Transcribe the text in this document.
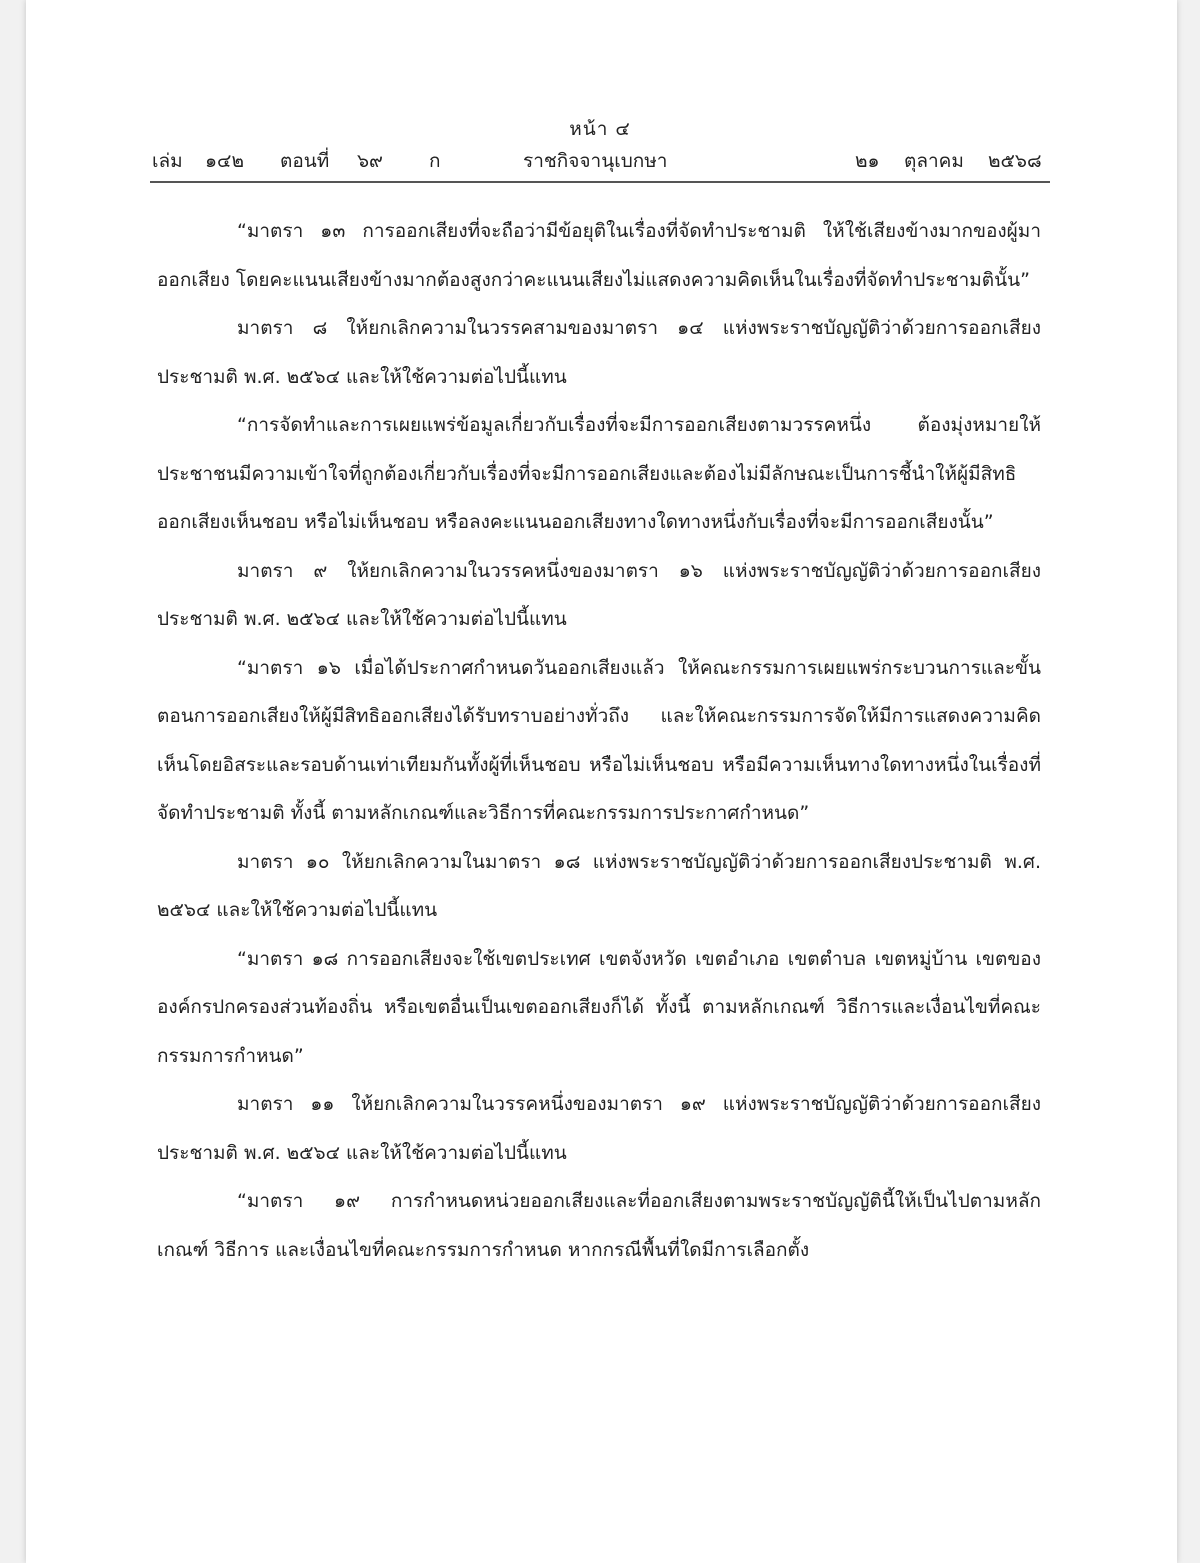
หน้า ๔
เล่ม ๑๔๒ ตอนที่ ๖๙ ก	ราชกิจจานุเบกษา	๒๑ ตุลาคม ๒๕๖๘

“มาตรา ๑๓ การออกเสียงที่จะถือว่ามีข้อยุติในเรื่องที่จัดทำประชามติ ให้ใช้เสียงข้างมากของผู้มาออกเสียง โดยคะแนนเสียงข้างมากต้องสูงกว่าคะแนนเสียงไม่แสดงความคิดเห็นในเรื่องที่จัดทำประชามตินั้น”

มาตรา ๘ ให้ยกเลิกความในวรรคสามของมาตรา ๑๔ แห่งพระราชบัญญัติว่าด้วยการออกเสียงประชามติ พ.ศ. ๒๕๖๔ และให้ใช้ความต่อไปนี้แทน

“การจัดทำและการเผยแพร่ข้อมูลเกี่ยวกับเรื่องที่จะมีการออกเสียงตามวรรคหนึ่ง ต้องมุ่งหมายให้ประชาชนมีความเข้าใจที่ถูกต้องเกี่ยวกับเรื่องที่จะมีการออกเสียงและต้องไม่มีลักษณะเป็นการชี้นำให้ผู้มีสิทธิออกเสียงเห็นชอบ หรือไม่เห็นชอบ หรือลงคะแนนออกเสียงทางใดทางหนึ่งกับเรื่องที่จะมีการออกเสียงนั้น”

มาตรา ๙ ให้ยกเลิกความในวรรคหนึ่งของมาตรา ๑๖ แห่งพระราชบัญญัติว่าด้วยการออกเสียงประชามติ พ.ศ. ๒๕๖๔ และให้ใช้ความต่อไปนี้แทน

“มาตรา ๑๖ เมื่อได้ประกาศกำหนดวันออกเสียงแล้ว ให้คณะกรรมการเผยแพร่กระบวนการและขั้นตอนการออกเสียงให้ผู้มีสิทธิออกเสียงได้รับทราบอย่างทั่วถึง และให้คณะกรรมการจัดให้มีการแสดงความคิดเห็นโดยอิสระและรอบด้านเท่าเทียมกันทั้งผู้ที่เห็นชอบ หรือไม่เห็นชอบ หรือมีความเห็นทางใดทางหนึ่งในเรื่องที่จัดทำประชามติ ทั้งนี้ ตามหลักเกณฑ์และวิธีการที่คณะกรรมการประกาศกำหนด”

มาตรา ๑๐ ให้ยกเลิกความในมาตรา ๑๘ แห่งพระราชบัญญัติว่าด้วยการออกเสียงประชามติ พ.ศ. ๒๕๖๔ และให้ใช้ความต่อไปนี้แทน

“มาตรา ๑๘ การออกเสียงจะใช้เขตประเทศ เขตจังหวัด เขตอำเภอ เขตตำบล เขตหมู่บ้าน เขตขององค์กรปกครองส่วนท้องถิ่น หรือเขตอื่นเป็นเขตออกเสียงก็ได้ ทั้งนี้ ตามหลักเกณฑ์ วิธีการและเงื่อนไขที่คณะกรรมการกำหนด”

มาตรา ๑๑ ให้ยกเลิกความในวรรคหนึ่งของมาตรา ๑๙ แห่งพระราชบัญญัติว่าด้วยการออกเสียงประชามติ พ.ศ. ๒๕๖๔ และให้ใช้ความต่อไปนี้แทน

“มาตรา ๑๙ การกำหนดหน่วยออกเสียงและที่ออกเสียงตามพระราชบัญญัตินี้ให้เป็นไปตามหลักเกณฑ์ วิธีการ และเงื่อนไขที่คณะกรรมการกำหนด หากกรณีพื้นที่ใดมีการเลือกตั้ง
